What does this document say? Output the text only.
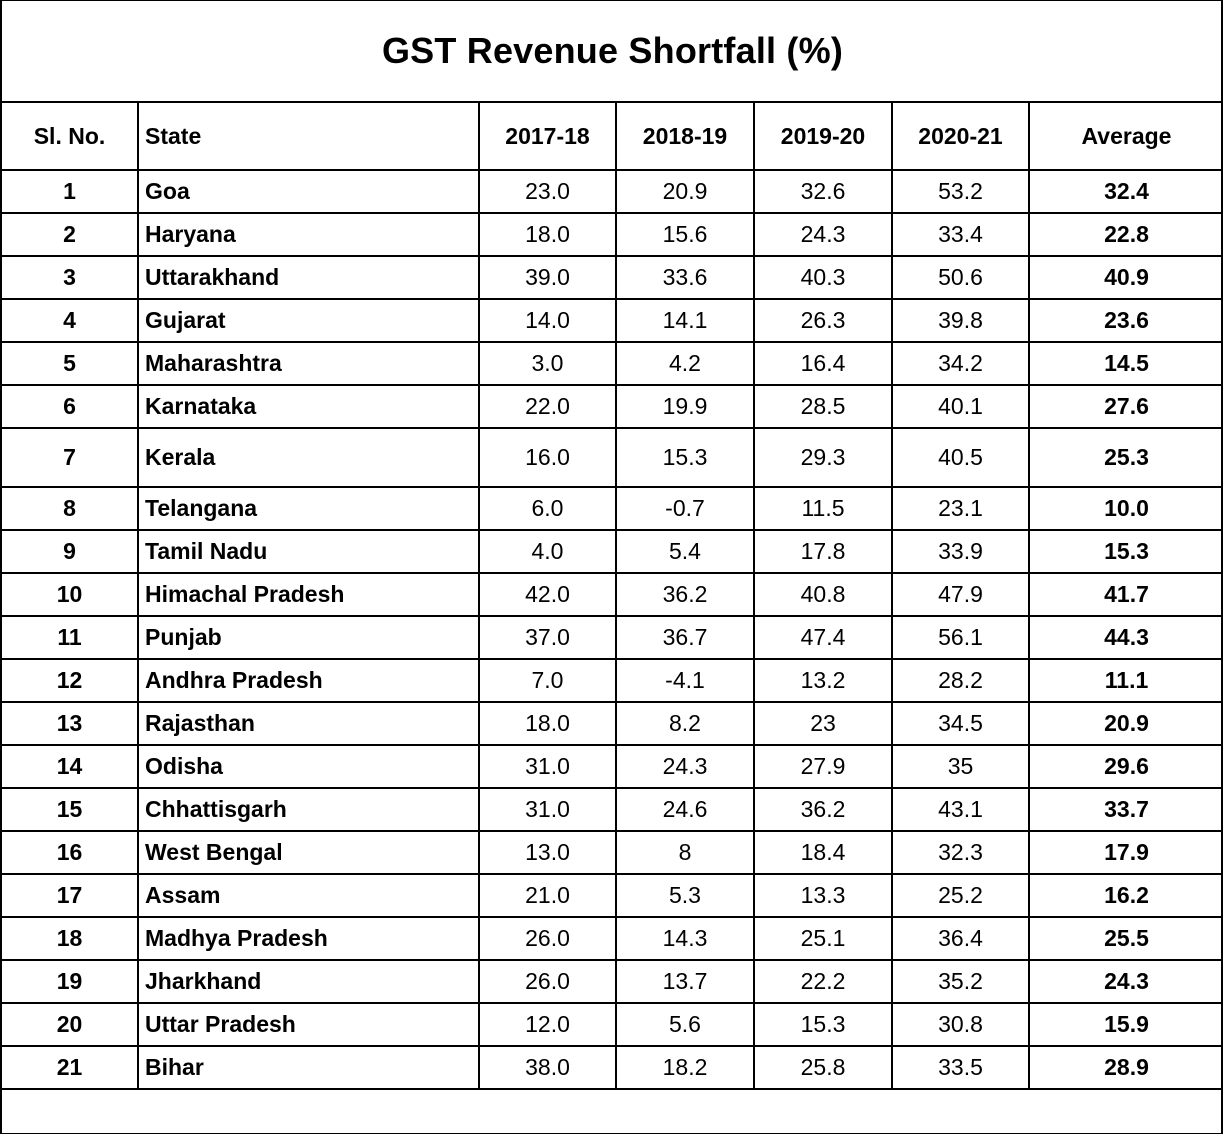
GST Revenue Shortfall (%)
Sl. No.	State	2017-18	2018-19	2019-20	2020-21	Average
1	Goa	23.0	20.9	32.6	53.2	32.4
2	Haryana	18.0	15.6	24.3	33.4	22.8
3	Uttarakhand	39.0	33.6	40.3	50.6	40.9
4	Gujarat	14.0	14.1	26.3	39.8	23.6
5	Maharashtra	3.0	4.2	16.4	34.2	14.5
6	Karnataka	22.0	19.9	28.5	40.1	27.6
7	Kerala	16.0	15.3	29.3	40.5	25.3
8	Telangana	6.0	-0.7	11.5	23.1	10.0
9	Tamil Nadu	4.0	5.4	17.8	33.9	15.3
10	Himachal Pradesh	42.0	36.2	40.8	47.9	41.7
11	Punjab	37.0	36.7	47.4	56.1	44.3
12	Andhra Pradesh	7.0	-4.1	13.2	28.2	11.1
13	Rajasthan	18.0	8.2	23	34.5	20.9
14	Odisha	31.0	24.3	27.9	35	29.6
15	Chhattisgarh	31.0	24.6	36.2	43.1	33.7
16	West Bengal	13.0	8	18.4	32.3	17.9
17	Assam	21.0	5.3	13.3	25.2	16.2
18	Madhya Pradesh	26.0	14.3	25.1	36.4	25.5
19	Jharkhand	26.0	13.7	22.2	35.2	24.3
20	Uttar Pradesh	12.0	5.6	15.3	30.8	15.9
21	Bihar	38.0	18.2	25.8	33.5	28.9
